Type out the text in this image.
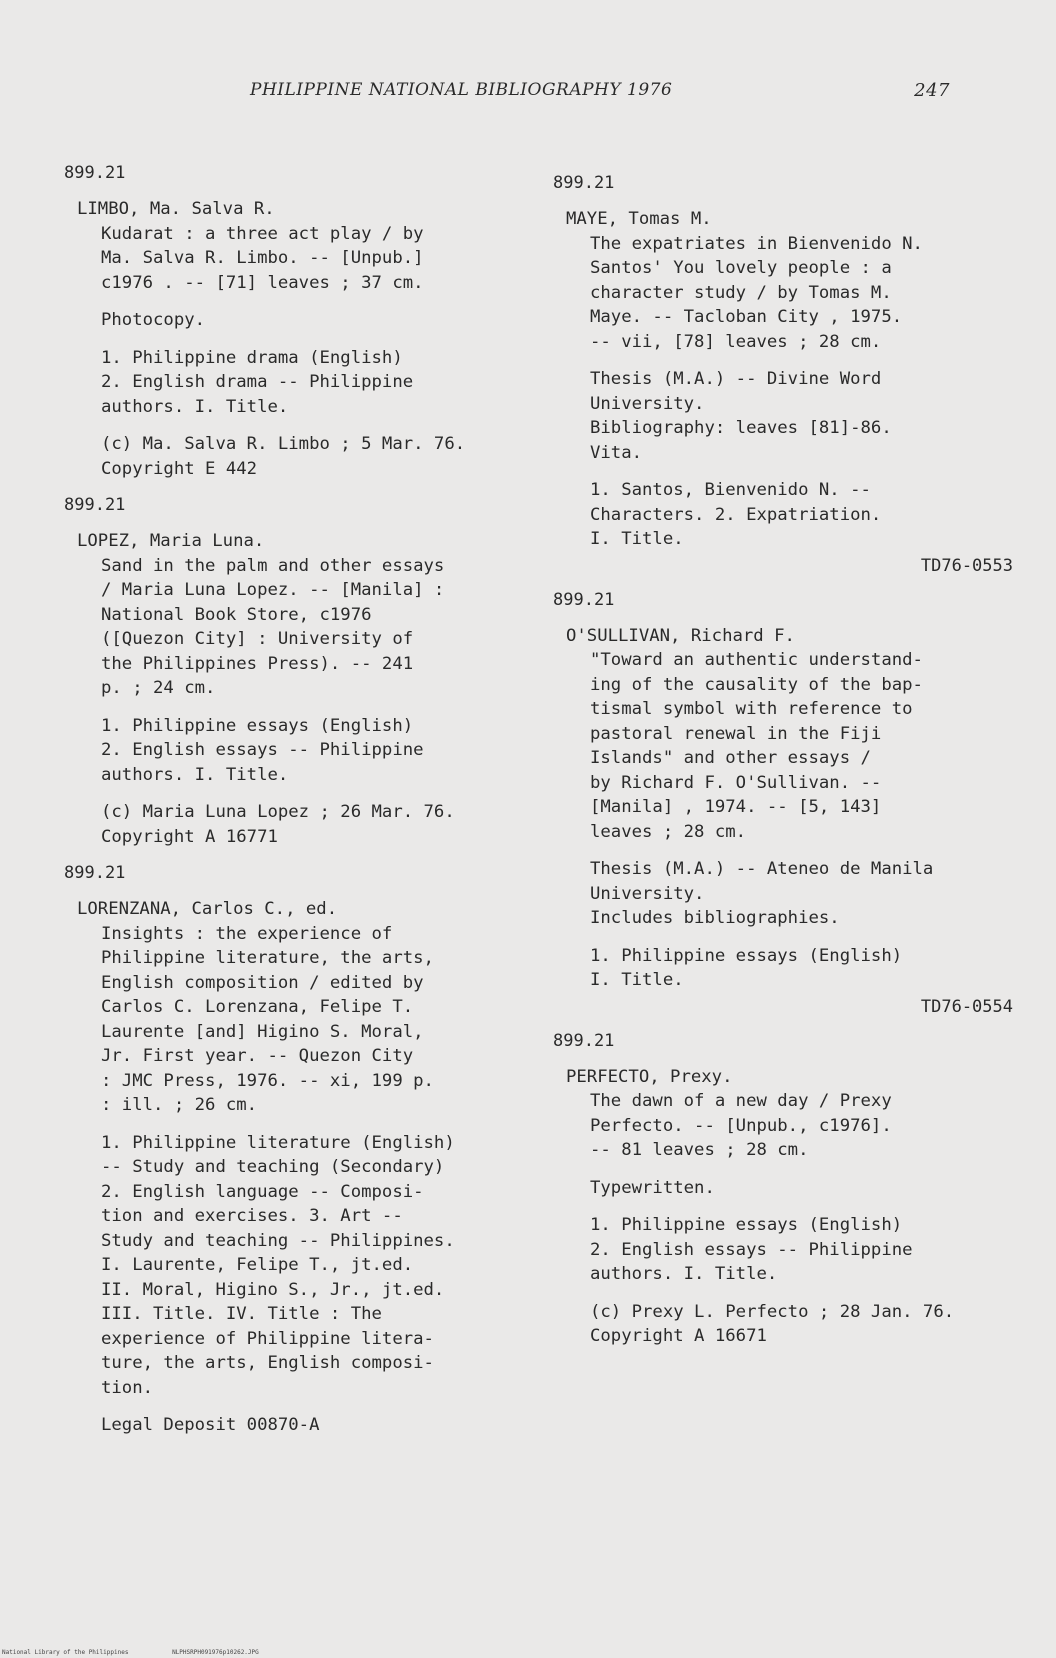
PHILIPPINE NATIONAL BIBLIOGRAPHY 1976	247
899.21
LIMBO, Ma. Salva R.
Kudarat : a three act play / by
Ma. Salva R. Limbo. -- [Unpub.]
c1976 . -- [71] leaves ; 37 cm.
Photocopy.
1. Philippine drama (English)
2. English drama -- Philippine
authors. I. Title.
(c) Ma. Salva R. Limbo ; 5 Mar. 76.
Copyright E 442
899.21
LOPEZ, Maria Luna.
Sand in the palm and other essays
/ Maria Luna Lopez. -- [Manila] :
National Book Store, c1976
([Quezon City] : University of
the Philippines Press). -- 241
p. ; 24 cm.
1. Philippine essays (English)
2. English essays -- Philippine
authors. I. Title.
(c) Maria Luna Lopez ; 26 Mar. 76.
Copyright A 16771
899.21
LORENZANA, Carlos C., ed.
Insights : the experience of
Philippine literature, the arts,
English composition / edited by
Carlos C. Lorenzana, Felipe T.
Laurente [and] Higino S. Moral,
Jr. First year. -- Quezon City
: JMC Press, 1976. -- xi, 199 p.
: ill. ; 26 cm.
1. Philippine literature (English)
-- Study and teaching (Secondary)
2. English language -- Composi-
tion and exercises. 3. Art --
Study and teaching -- Philippines.
I. Laurente, Felipe T., jt.ed.
II. Moral, Higino S., Jr., jt.ed.
III. Title. IV. Title : The
experience of Philippine litera-
ture, the arts, English composi-
tion.
Legal Deposit 00870-A
899.21
MAYE, Tomas M.
The expatriates in Bienvenido N.
Santos' You lovely people : a
character study / by Tomas M.
Maye. -- Tacloban City , 1975.
-- vii, [78] leaves ; 28 cm.
Thesis (M.A.) -- Divine Word
University.
Bibliography: leaves [81]-86.
Vita.
1. Santos, Bienvenido N. --
Characters. 2. Expatriation.
I. Title.
TD76-0553
899.21
O'SULLIVAN, Richard F.
"Toward an authentic understand-
ing of the causality of the bap-
tismal symbol with reference to
pastoral renewal in the Fiji
Islands" and other essays /
by Richard F. O'Sullivan. --
[Manila] , 1974. -- [5, 143]
leaves ; 28 cm.
Thesis (M.A.) -- Ateneo de Manila
University.
Includes bibliographies.
1. Philippine essays (English)
I. Title.
TD76-0554
899.21
PERFECTO, Prexy.
The dawn of a new day / Prexy
Perfecto. -- [Unpub., c1976].
-- 81 leaves ; 28 cm.
Typewritten.
1. Philippine essays (English)
2. English essays -- Philippine
authors. I. Title.
(c) Prexy L. Perfecto ; 28 Jan. 76.
Copyright A 16671
National Library of the Philippines	NLPHSRPH091976p10262.JPG
